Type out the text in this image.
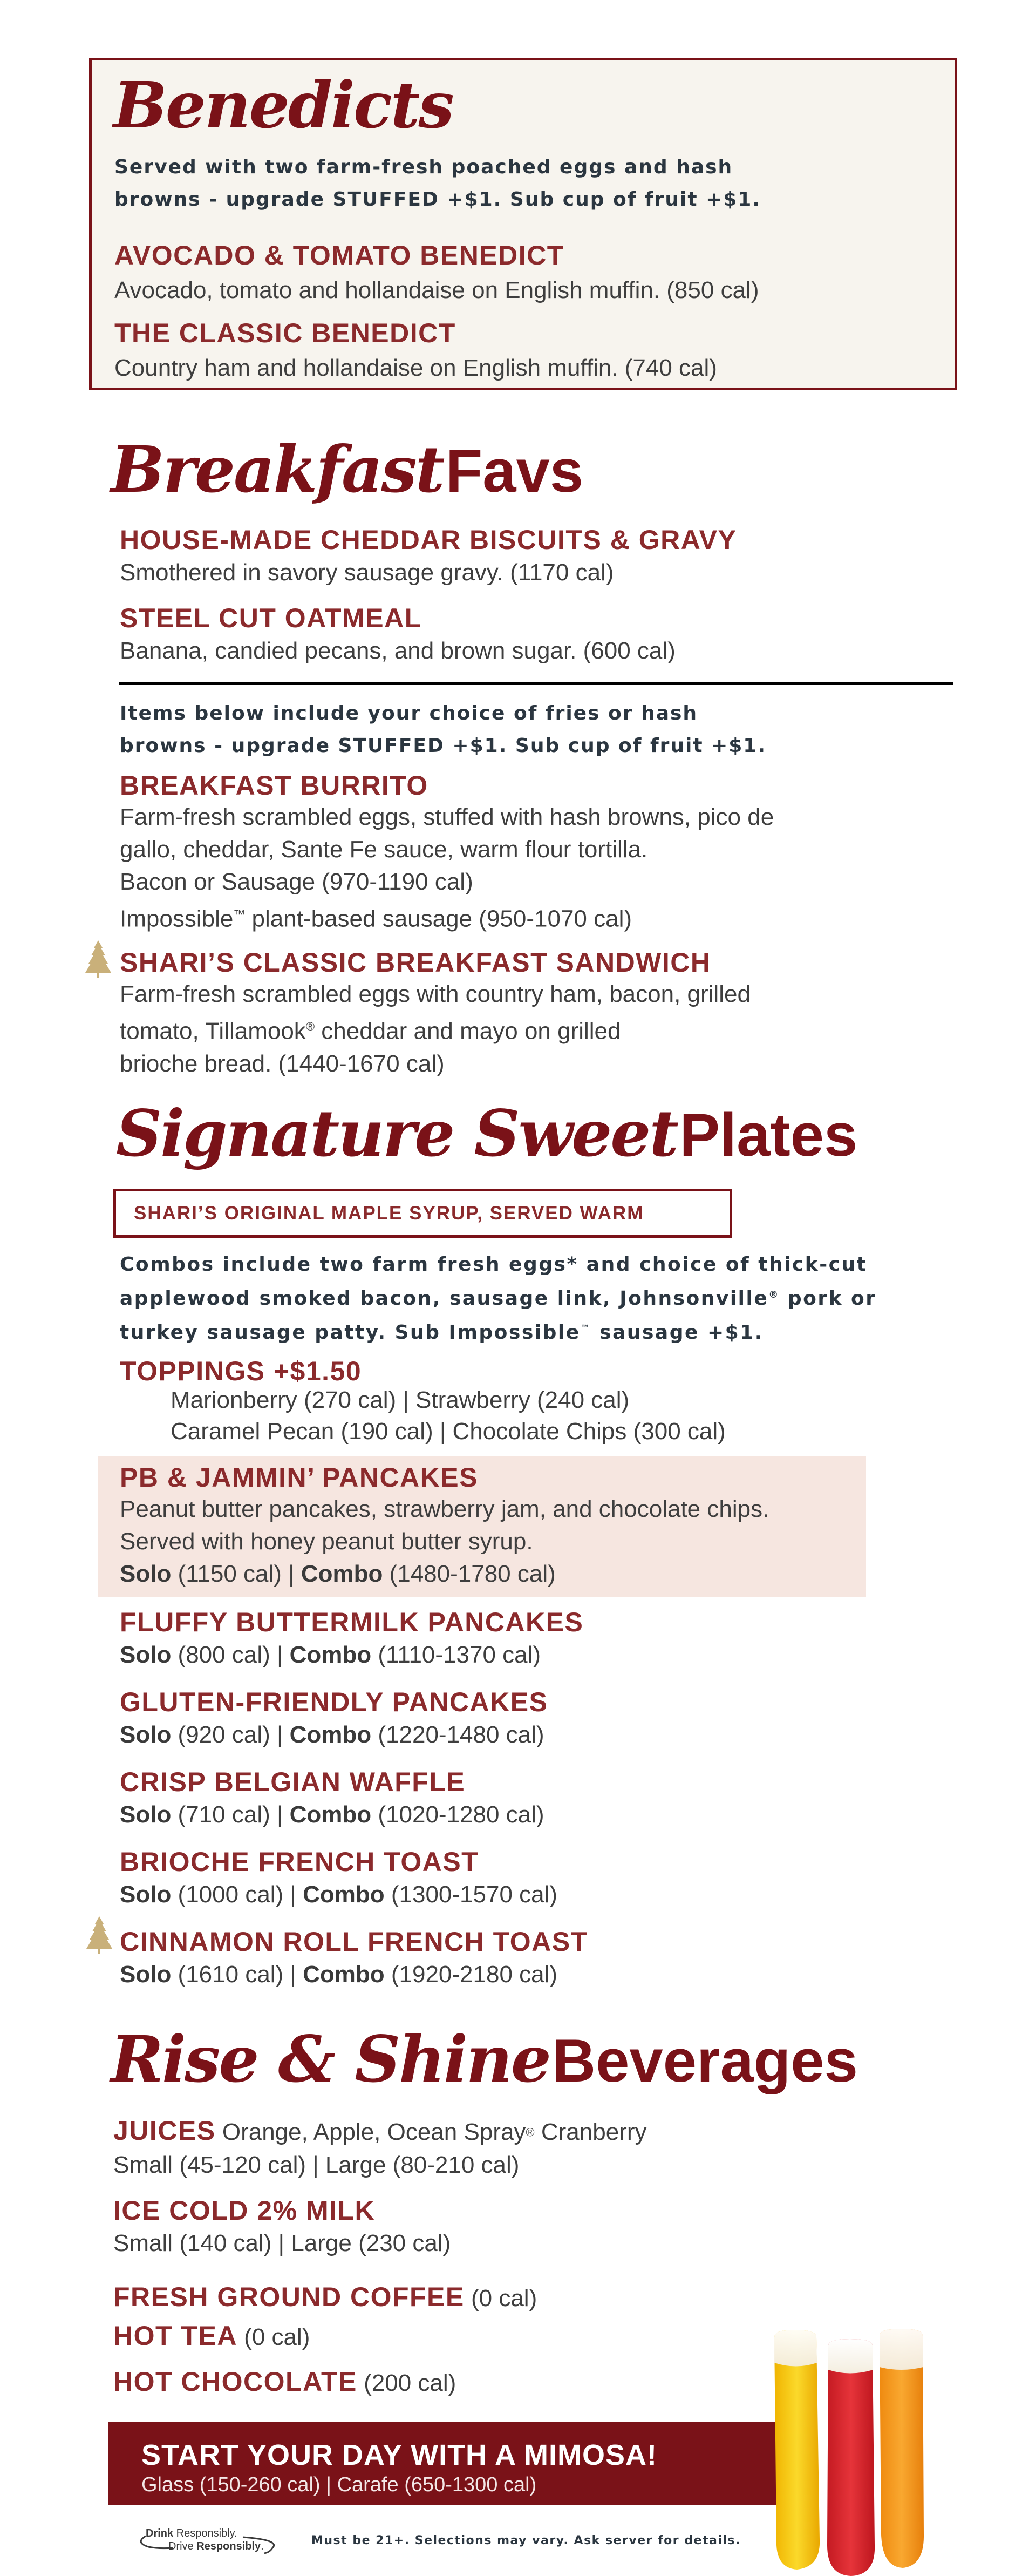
Benedicts
Served with two farm-fresh poached eggs and hash
browns - upgrade STUFFED +$1. Sub cup of fruit +$1.
AVOCADO & TOMATO BENEDICT
Avocado, tomato and hollandaise on English muffin. (850 cal)
THE CLASSIC BENEDICT
Country ham and hollandaise on English muffin. (740 cal)
Breakfast Favs
HOUSE-MADE CHEDDAR BISCUITS & GRAVY
Smothered in savory sausage gravy. (1170 cal)
STEEL CUT OATMEAL
Banana, candied pecans, and brown sugar. (600 cal)
Items below include your choice of fries or hash
browns - upgrade STUFFED +$1. Sub cup of fruit +$1.
BREAKFAST BURRITO
Farm-fresh scrambled eggs, stuffed with hash browns, pico de
gallo, cheddar, Sante Fe sauce, warm flour tortilla.
Bacon or Sausage (970-1190 cal)
Impossible™ plant-based sausage (950-1070 cal)
SHARI’S CLASSIC BREAKFAST SANDWICH
Farm-fresh scrambled eggs with country ham, bacon, grilled
tomato, Tillamook® cheddar and mayo on grilled
brioche bread. (1440-1670 cal)
Signature Sweet Plates
SHARI’S ORIGINAL MAPLE SYRUP, SERVED WARM
Combos include two farm fresh eggs* and choice of thick-cut
applewood smoked bacon, sausage link, Johnsonville® pork or
turkey sausage patty. Sub Impossible™ sausage +$1.
TOPPINGS +$1.50
Marionberry (270 cal) | Strawberry (240 cal)
Caramel Pecan (190 cal) | Chocolate Chips (300 cal)
PB & JAMMIN’ PANCAKES
Peanut butter pancakes, strawberry jam, and chocolate chips.
Served with honey peanut butter syrup.
Solo (1150 cal) | Combo (1480-1780 cal)
FLUFFY BUTTERMILK PANCAKES
Solo (800 cal) | Combo (1110-1370 cal)
GLUTEN-FRIENDLY PANCAKES
Solo (920 cal) | Combo (1220-1480 cal)
CRISP BELGIAN WAFFLE
Solo (710 cal) | Combo (1020-1280 cal)
BRIOCHE FRENCH TOAST
Solo (1000 cal) | Combo (1300-1570 cal)
CINNAMON ROLL FRENCH TOAST
Solo (1610 cal) | Combo (1920-2180 cal)
Rise & Shine Beverages
JUICES Orange, Apple, Ocean Spray® Cranberry
Small (45-120 cal) | Large (80-210 cal)
ICE COLD 2% MILK
Small (140 cal) | Large (230 cal)
FRESH GROUND COFFEE (0 cal)
HOT TEA (0 cal)
HOT CHOCOLATE (200 cal)
START YOUR DAY WITH A MIMOSA!
Glass (150-260 cal) | Carafe (650-1300 cal)
Drink Responsibly.
Drive Responsibly.	Must be 21+. Selections may vary. Ask server for details.
